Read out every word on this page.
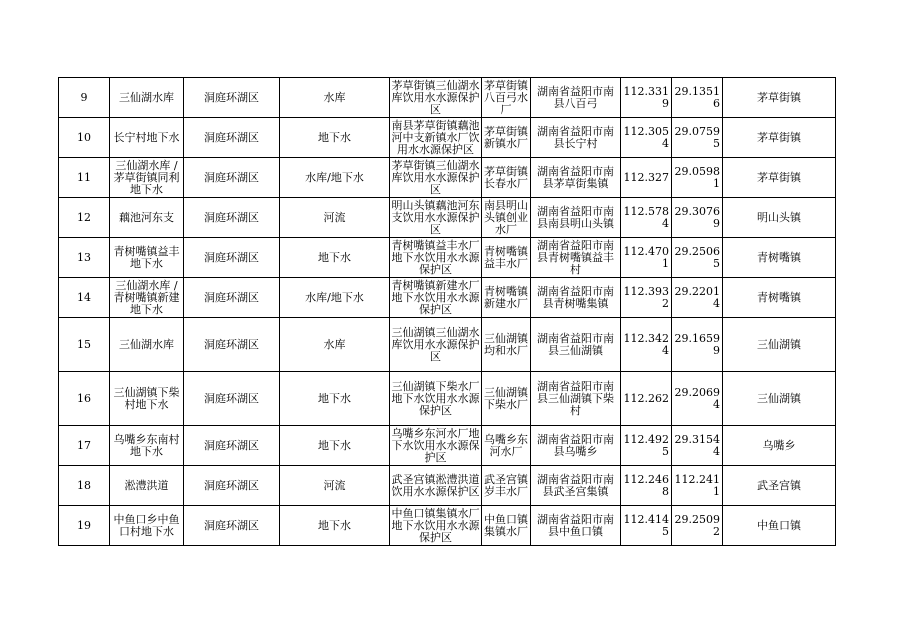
9	三仙湖水库	洞庭环湖区	水库	茅草街镇三仙湖水库饮用水水源保护区	茅草街镇八百弓水厂	湖南省益阳市南县八百弓	112.3319	29.13516	茅草街镇
10	长宁村地下水	洞庭环湖区	地下水	南县茅草街镇藕池河中支新镇水厂饮用水水源保护区	茅草街镇新镇水厂	湖南省益阳市南县长宁村	112.3054	29.07595	茅草街镇
11	三仙湖水库 /茅草街镇同利地下水	洞庭环湖区	水库/地下水	茅草街镇三仙湖水库饮用水水源保护区	茅草街镇长春水厂	湖南省益阳市南县茅草街集镇	112.327	29.05981	茅草街镇
12	藕池河东支	洞庭环湖区	河流	明山头镇藕池河东支饮用水水源保护区	南县明山头镇创业水厂	湖南省益阳市南县南县明山头镇	112.5784	29.30769	明山头镇
13	青树嘴镇益丰地下水	洞庭环湖区	地下水	青树嘴镇益丰水厂地下水饮用水水源保护区	青树嘴镇益丰水厂	湖南省益阳市南县青树嘴镇益丰村	112.4701	29.25065	青树嘴镇
14	三仙湖水库 /青树嘴镇新建地下水	洞庭环湖区	水库/地下水	青树嘴镇新建水厂地下水饮用水水源保护区	青树嘴镇新建水厂	湖南省益阳市南县青树嘴集镇	112.3932	29.22014	青树嘴镇
15	三仙湖水库	洞庭环湖区	水库	三仙湖镇三仙湖水库饮用水水源保护区	三仙湖镇均和水厂	湖南省益阳市南县三仙湖镇	112.3424	29.16599	三仙湖镇
16	三仙湖镇下柴村地下水	洞庭环湖区	地下水	三仙湖镇下柴水厂地下水饮用水水源保护区	三仙湖镇下柴水厂	湖南省益阳市南县三仙湖镇下柴村	112.262	29.20694	三仙湖镇
17	乌嘴乡东南村地下水	洞庭环湖区	地下水	乌嘴乡东河水厂地下水饮用水水源保护区	乌嘴乡东河水厂	湖南省益阳市南县乌嘴乡	112.4925	29.31544	乌嘴乡
18	淞澧洪道	洞庭环湖区	河流	武圣宫镇淞澧洪道饮用水水源保护区	武圣宫镇岁丰水厂	湖南省益阳市南县武圣宫集镇	112.2468	112.2411	武圣宫镇
19	中鱼口乡中鱼口村地下水	洞庭环湖区	地下水	中鱼口镇集镇水厂地下水饮用水水源保护区	中鱼口镇集镇水厂	湖南省益阳市南县中鱼口镇	112.4145	29.25092	中鱼口镇
